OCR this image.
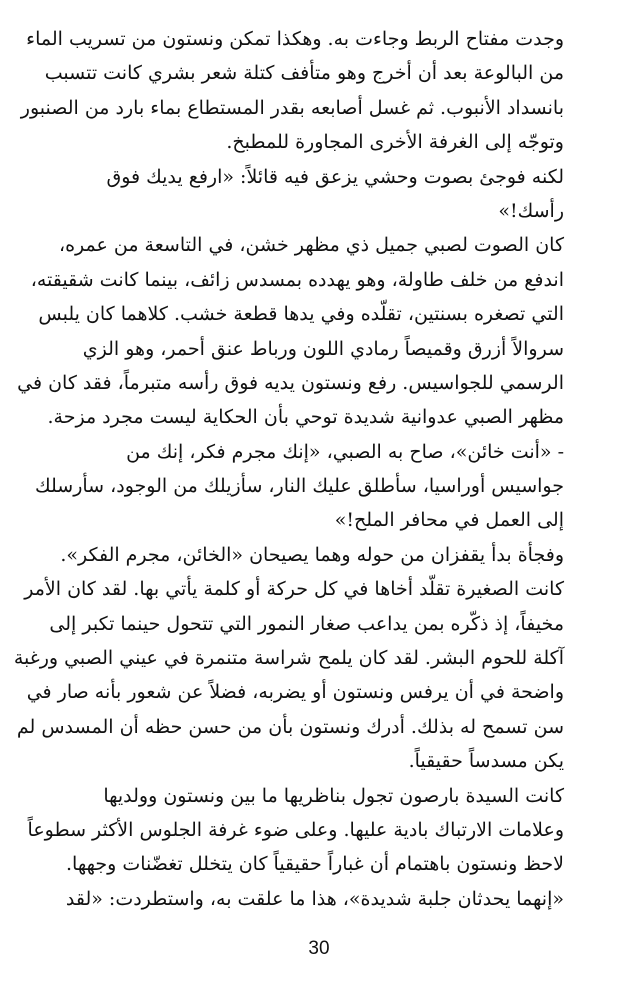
وجدت مفتاح الربط وجاءت به. وهكذا تمكن ونستون من تسريب الماء
من البالوعة بعد أن أخرج وهو متأفف كتلة شعر بشري كانت تتسبب
بانسداد الأنبوب. ثم غسل أصابعه بقدر المستطاع بماء بارد من الصنبور
وتوجّه إلى الغرفة الأخرى المجاورة للمطبخ.
لكنه فوجئ بصوت وحشي يزعق فيه قائلاً: «ارفع يديك فوق
رأسك!»
كان الصوت لصبي جميل ذي مظهر خشن، في التاسعة من عمره،
اندفع من خلف طاولة، وهو يهدده بمسدس زائف، بينما كانت شقيقته،
التي تصغره بسنتين، تقلّده وفي يدها قطعة خشب. كلاهما كان يلبس
سروالاً أزرق وقميصاً رمادي اللون ورباط عنق أحمر، وهو الزي
الرسمي للجواسيس. رفع ونستون يديه فوق رأسه متبرماً، فقد كان في
مظهر الصبي عدوانية شديدة توحي بأن الحكاية ليست مجرد مزحة.
- «أنت خائن»، صاح به الصبي، «إنك مجرم فكر، إنك من
جواسيس أوراسيا، سأطلق عليك النار، سأزيلك من الوجود، سأرسلك
إلى العمل في محافر الملح!»
وفجأة بدأ يقفزان من حوله وهما يصيحان «الخائن، مجرم الفكر».
كانت الصغيرة تقلّد أخاها في كل حركة أو كلمة يأتي بها. لقد كان الأمر
مخيفاً، إذ ذكّره بمن يداعب صغار النمور التي تتحول حينما تكبر إلى
آكلة للحوم البشر. لقد كان يلمح شراسة متنمرة في عيني الصبي ورغبة
واضحة في أن يرفس ونستون أو يضربه، فضلاً عن شعور بأنه صار في
سن تسمح له بذلك. أدرك ونستون بأن من حسن حظه أن المسدس لم
يكن مسدساً حقيقياً.
كانت السيدة بارصون تجول بناظريها ما بين ونستون وولديها
وعلامات الارتباك بادية عليها. وعلى ضوء غرفة الجلوس الأكثر سطوعاً
لاحظ ونستون باهتمام أن غباراً حقيقياً كان يتخلل تغضّنات وجهها.
«إنهما يحدثان جلبة شديدة»، هذا ما علقت به، واستطردت: «لقد
30
